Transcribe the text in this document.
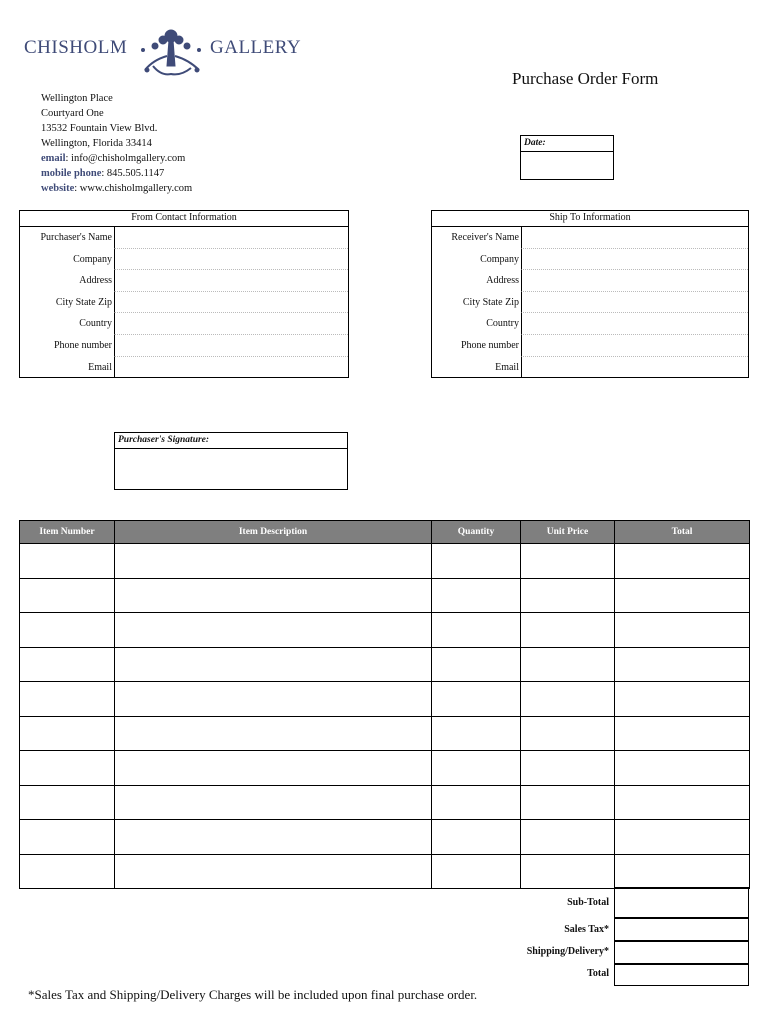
CHISHOLM	GALLERY
Wellington Place
Courtyard One
13532 Fountain View Blvd.
Wellington, Florida 33414
email: info@chisholmgallery.com
mobile phone: 845.505.1147
website: www.chisholmgallery.com
Purchase Order Form
Date:
From Contact Information
Purchaser's Name
Company
Address
City State Zip
Country
Phone number
Email
Ship To Information
Receiver's Name
Company
Address
City State Zip
Country
Phone number
Email
Purchaser's Signature:
Item Number	Item Description	Quantity	Unit Price	Total

Sub-Total
Sales Tax*
Shipping/Delivery*
Total
*Sales Tax and Shipping/Delivery Charges will be included upon final purchase order.
